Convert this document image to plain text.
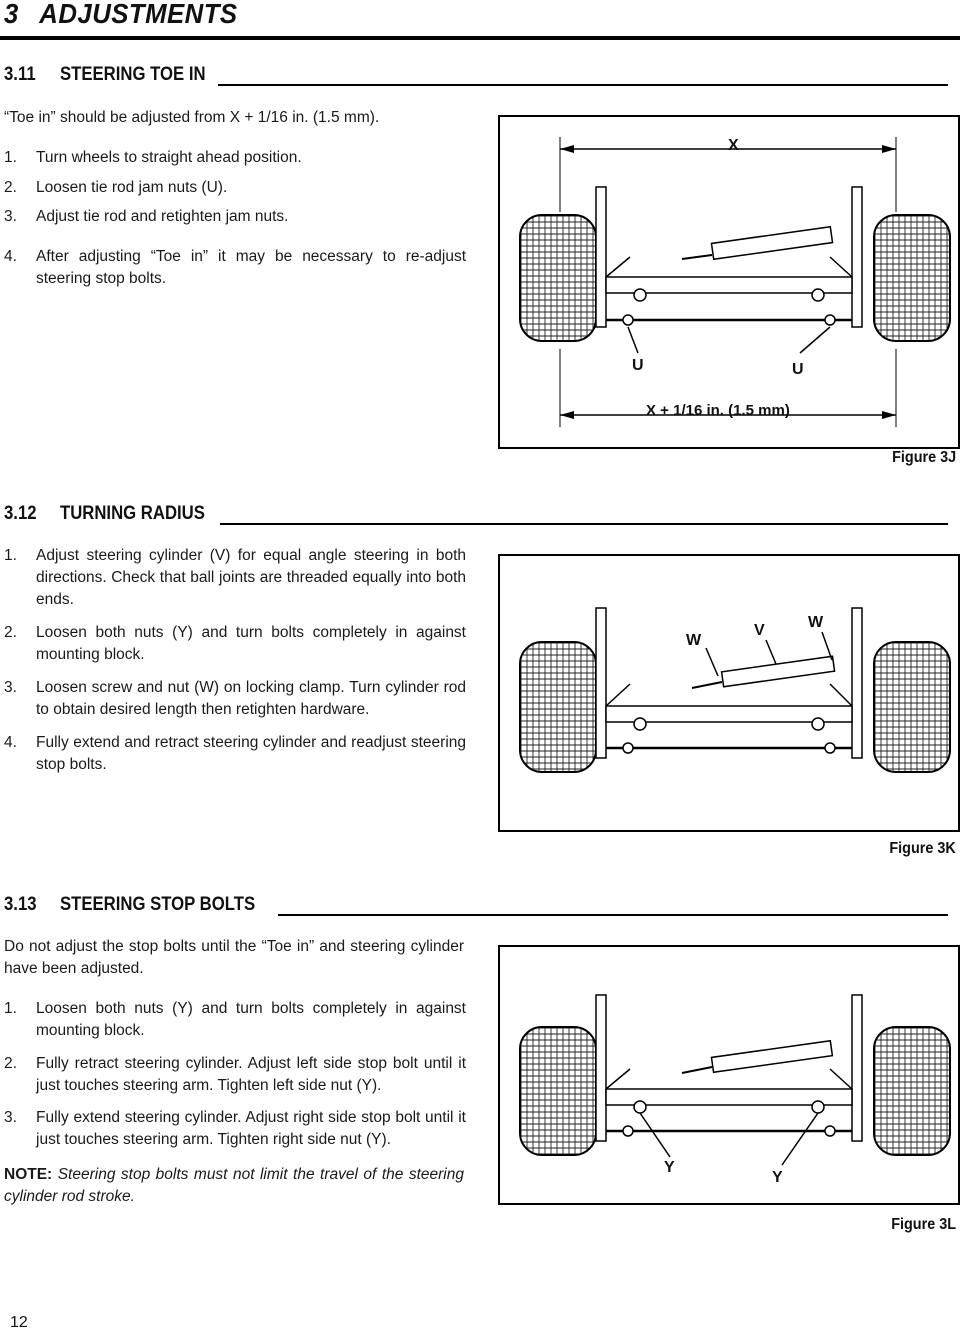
3 ADJUSTMENTS
3.11 STEERING TOE IN
“Toe in” should be adjusted from X + 1/16 in. (1.5 mm).
1. Turn wheels to straight ahead position.
2. Loosen tie rod jam nuts (U).
3. Adjust tie rod and retighten jam nuts.
4. After adjusting “Toe in” it may be necessary to re-adjust steering stop bolts.
X
U	U
X + 1/16 in. (1.5 mm)
Figure 3J
3.12 TURNING RADIUS
1. Adjust steering cylinder (V) for equal angle steering in both directions. Check that ball joints are threaded equally into both ends.
2. Loosen both nuts (Y) and turn bolts completely in against mounting block.
3. Loosen screw and nut (W) on locking clamp. Turn cylinder rod to obtain desired length then retighten hardware.
4. Fully extend and retract steering cylinder and readjust steering stop bolts.
W
V	W
Figure 3K
3.13 STEERING STOP BOLTS
Do not adjust the stop bolts until the “Toe in” and steering cylinder have been adjusted.
1. Loosen both nuts (Y) and turn bolts completely in against mounting block.
2. Fully retract steering cylinder. Adjust left side stop bolt until it just touches steering arm. Tighten left side nut (Y).
3. Fully extend steering cylinder. Adjust right side stop bolt until it just touches steering arm. Tighten right side nut (Y).
NOTE: Steering stop bolts must not limit the travel of the steering cylinder rod stroke.
Y
Y
Figure 3L
12
